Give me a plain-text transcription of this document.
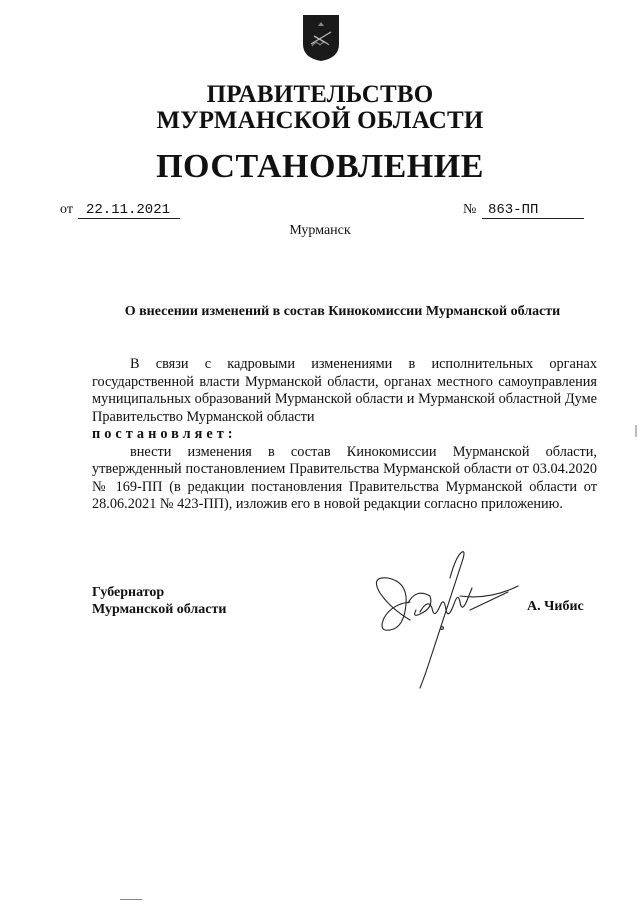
ПРАВИТЕЛЬСТВО
МУРМАНСКОЙ ОБЛАСТИ
ПОСТАНОВЛЕНИЕ
от 22.11.2021	№ 863-ПП
Мурманск
О внесении изменений в состав Кинокомиссии Мурманской области

В связи с кадровыми изменениями в исполнительных органах государственной власти Мурманской области, органах местного самоуправления муниципальных образований Мурманской области и Мурманской областной Думе Правительство Мурманской области

постановляет:

внести изменения в состав Кинокомиссии Мурманской области, утвержденный постановлением Правительства Мурманской области от 03.04.2020 № 169-ПП (в редакции постановления Правительства Мурманской области от 28.06.2021 № 423-ПП), изложив его в новой редакции согласно приложению.

Губернатор
Мурманской области	А. Чибис
